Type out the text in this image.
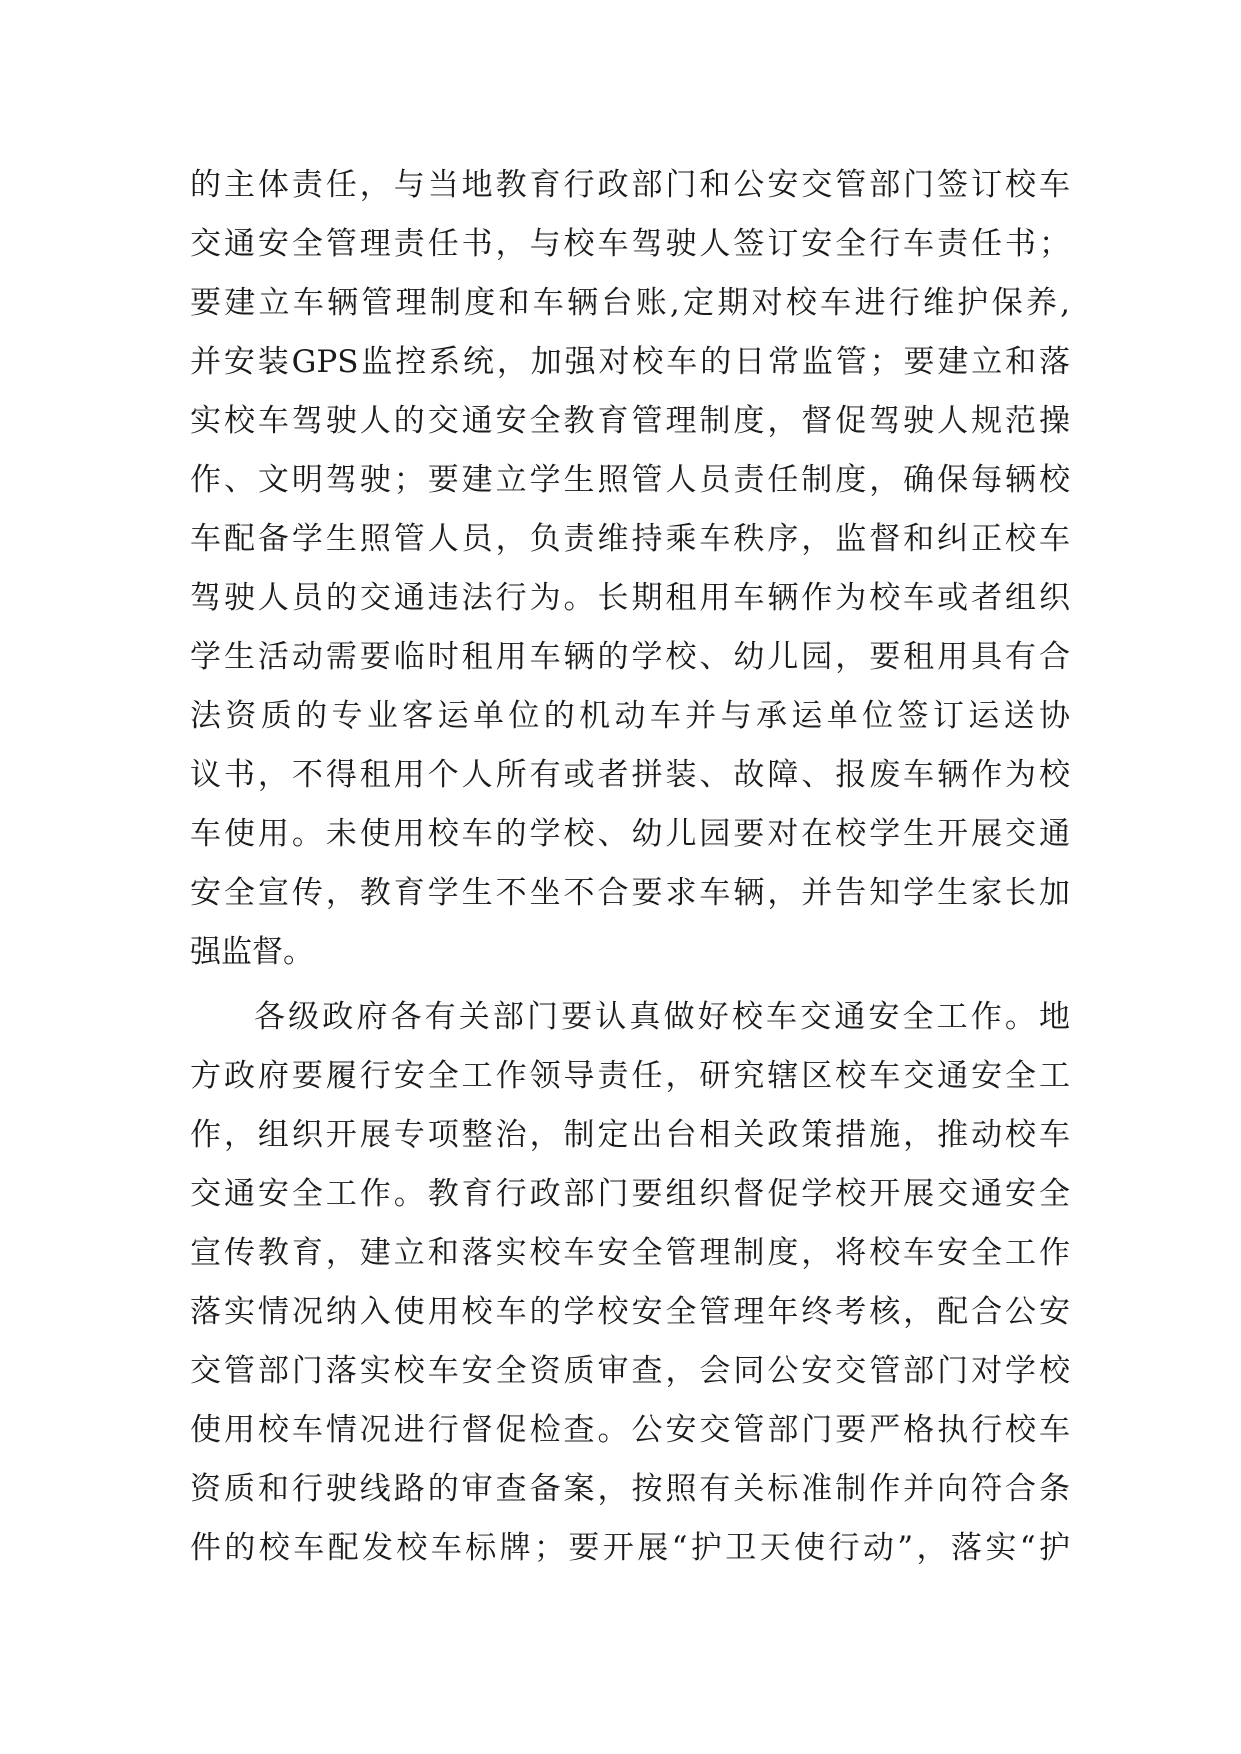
的主体责任，与当地教育行政部门和公安交管部门签订校车
交通安全管理责任书，与校车驾驶人签订安全行车责任书；
要建立车辆管理制度和车辆台账,定期对校车进行维护保养,
并安装GPS监控系统，加强对校车的日常监管；要建立和落
实校车驾驶人的交通安全教育管理制度，督促驾驶人规范操
作、文明驾驶；要建立学生照管人员责任制度，确保每辆校
车配备学生照管人员，负责维持乘车秩序，监督和纠正校车
驾驶人员的交通违法行为。长期租用车辆作为校车或者组织
学生活动需要临时租用车辆的学校、幼儿园，要租用具有合
法资质的专业客运单位的机动车并与承运单位签订运送协
议书，不得租用个人所有或者拼装、故障、报废车辆作为校
车使用。未使用校车的学校、幼儿园要对在校学生开展交通
安全宣传，教育学生不坐不合要求车辆，并告知学生家长加
强监督。
各级政府各有关部门要认真做好校车交通安全工作。地
方政府要履行安全工作领导责任，研究辖区校车交通安全工
作，组织开展专项整治，制定出台相关政策措施，推动校车
交通安全工作。教育行政部门要组织督促学校开展交通安全
宣传教育，建立和落实校车安全管理制度，将校车安全工作
落实情况纳入使用校车的学校安全管理年终考核，配合公安
交管部门落实校车安全资质审查，会同公安交管部门对学校
使用校车情况进行督促检查。公安交管部门要严格执行校车
资质和行驶线路的审查备案，按照有关标准制作并向符合条
件的校车配发校车标牌；要开展“护卫天使行动”，落实“护
